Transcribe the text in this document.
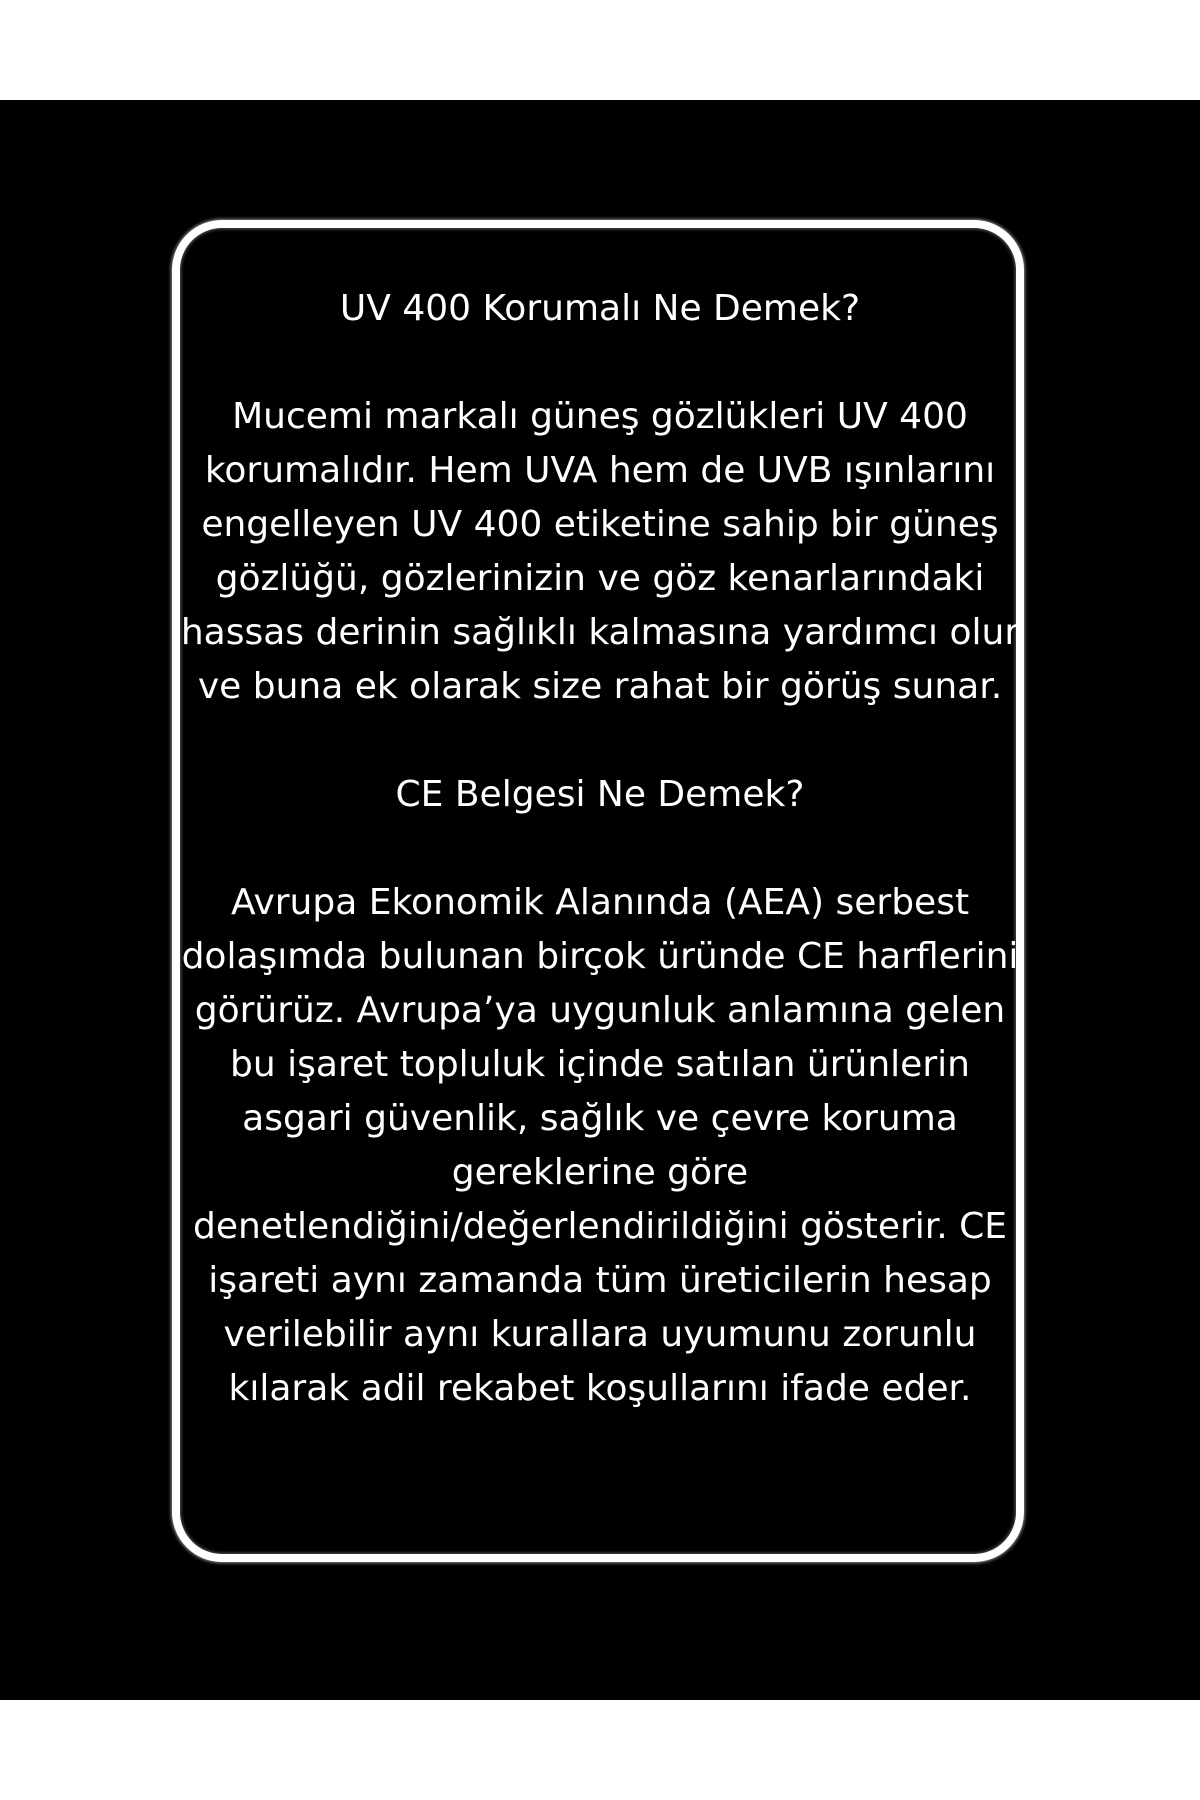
UV 400 Korumalı Ne Demek?

Mucemi markalı güneş gözlükleri UV 400 korumalıdır. Hem UVA hem de UVB ışınlarını engelleyen UV 400 etiketine sahip bir güneş gözlüğü, gözlerinizin ve göz kenarlarındaki hassas derinin sağlıklı kalmasına yardımcı olur ve buna ek olarak size rahat bir görüş sunar.

CE Belgesi Ne Demek?

Avrupa Ekonomik Alanında (AEA) serbest dolaşımda bulunan birçok üründe CE harflerini görürüz. Avrupa’ya uygunluk anlamına gelen bu işaret topluluk içinde satılan ürünlerin asgari güvenlik, sağlık ve çevre koruma gereklerine göre denetlendiğini/değerlendirildiğini gösterir. CE işareti aynı zamanda tüm üreticilerin hesap verilebilir aynı kurallara uyumunu zorunlu kılarak adil rekabet koşullarını ifade eder.
